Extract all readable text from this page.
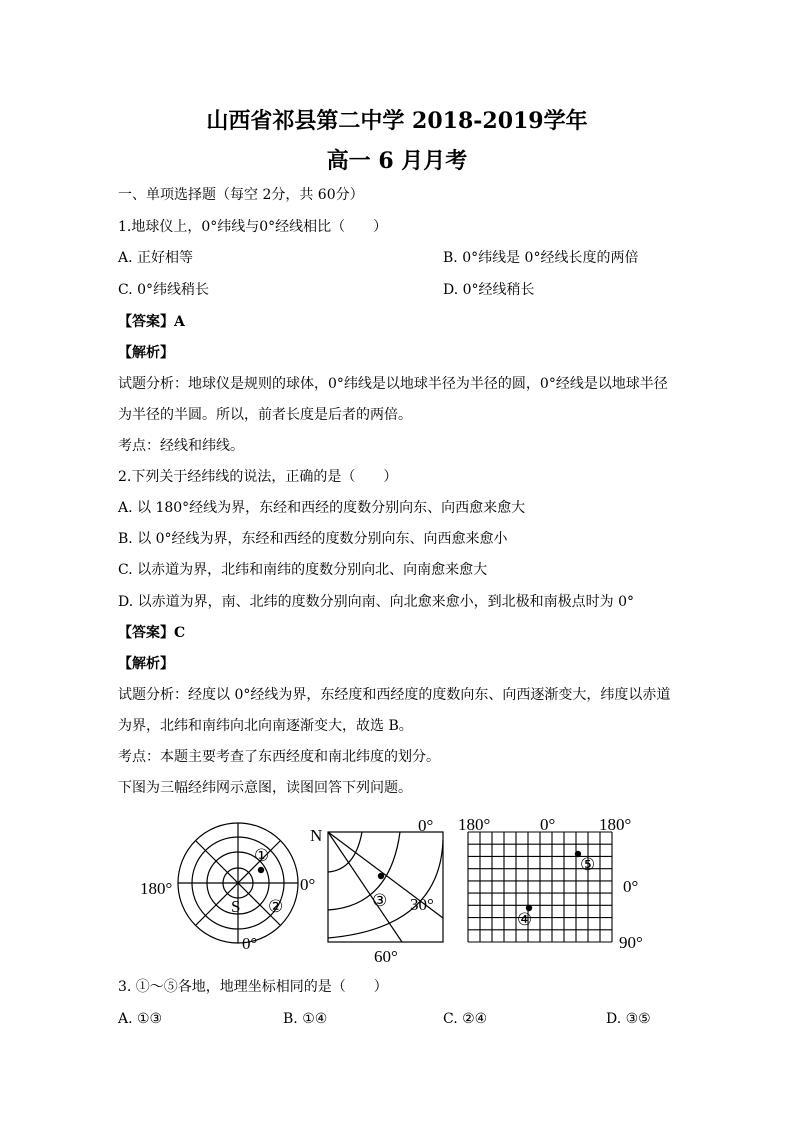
山西省祁县第二中学 2018-2019学年
高一 6 月月考
一、单项选择题（每空 2分，共 60分）
1.地球仪上，0°纬线与0°经线相比（　　）
A. 正好相等	B. 0°纬线是 0°经线长度的两倍
C. 0°纬线稍长	D. 0°经线稍长
【答案】A
【解析】
试题分析：地球仪是规则的球体，0°纬线是以地球半径为半径的圆，0°经线是以地球半径
为半径的半圆。所以，前者长度是后者的两倍。
考点：经线和纬线。
2.下列关于经纬线的说法，正确的是（　　）
A. 以 180°经线为界，东经和西经的度数分别向东、向西愈来愈大
B. 以 0°经线为界，东经和西经的度数分别向东、向西愈来愈小
C. 以赤道为界，北纬和南纬的度数分别向北、向南愈来愈大
D. 以赤道为界，南、北纬的度数分别向南、向北愈来愈小，到北极和南极点时为 0°
【答案】C
【解析】
试题分析：经度以 0°经线为界，东经度和西经度的度数向东、向西逐渐变大，纬度以赤道
为界，北纬和南纬向北向南逐渐变大，故选 B。
考点：本题主要考查了东西经度和南北纬度的划分。
下图为三幅经纬网示意图，读图回答下列问题。
180°	0°
0°
S
①
②
N
0°
30°
60°
③
180°	0°	180°
0°
90°
④
⑤
3. ①～⑤各地，地理坐标相同的是（　　）
A. ①③	B. ①④	C. ②④	D. ③⑤
